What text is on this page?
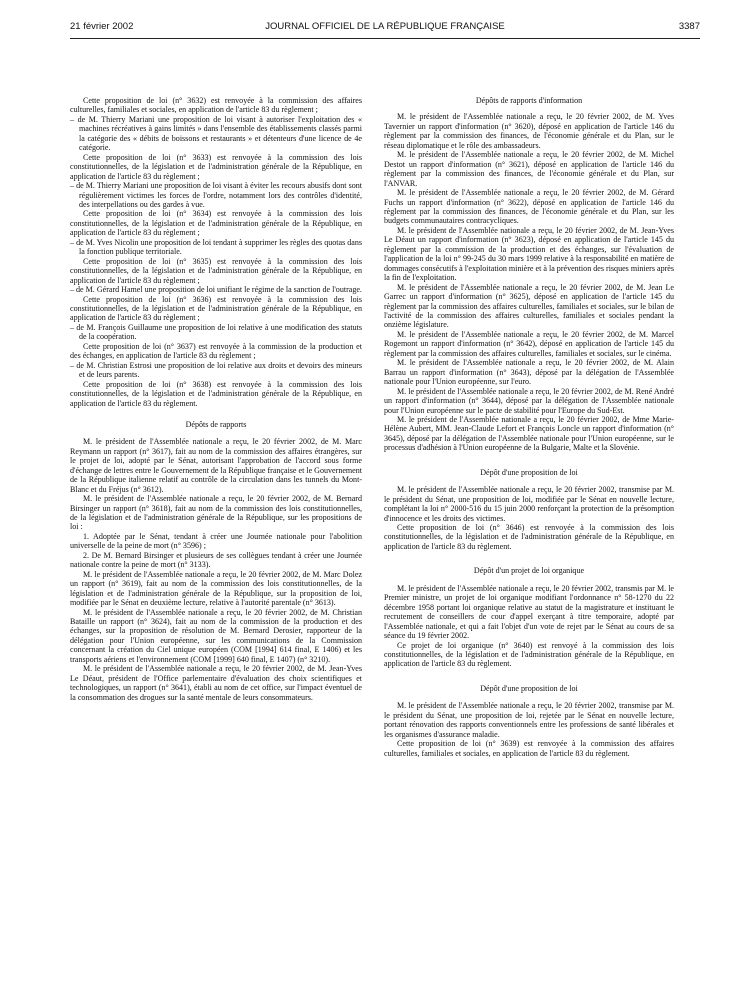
21 février 2002	JOURNAL OFFICIEL DE LA RÉPUBLIQUE FRANÇAISE	3387

Cette proposition de loi (n° 3632) est renvoyée à la commission des affaires culturelles, familiales et sociales, en application de l'article 83 du règlement ;

– de M. Thierry Mariani une proposition de loi visant à autoriser l'exploitation des « machines récréatives à gains limités » dans l'ensemble des établissements classés parmi la catégorie des « débits de boissons et restaurants » et détenteurs d'une licence de 4e catégorie.

Cette proposition de loi (n° 3633) est renvoyée à la commission des lois constitutionnelles, de la législation et de l'administration générale de la République, en application de l'article 83 du règlement ;

– de M. Thierry Mariani une proposition de loi visant à éviter les recours abusifs dont sont régulièrement victimes les forces de l'ordre, notamment lors des contrôles d'identité, des interpellations ou des gardes à vue.

Cette proposition de loi (n° 3634) est renvoyée à la commission des lois constitutionnelles, de la législation et de l'administration générale de la République, en application de l'article 83 du règlement ;

– de M. Yves Nicolin une proposition de loi tendant à supprimer les règles des quotas dans la fonction publique territoriale.

Cette proposition de loi (n° 3635) est renvoyée à la commission des lois constitutionnelles, de la législation et de l'administration générale de la République, en application de l'article 83 du règlement ;

– de M. Gérard Hamel une proposition de loi unifiant le régime de la sanction de l'outrage.

Cette proposition de loi (n° 3636) est renvoyée à la commission des lois constitutionnelles, de la législation et de l'administration générale de la République, en application de l'article 83 du règlement ;

– de M. François Guillaume une proposition de loi relative à une modification des statuts de la coopération.

Cette proposition de loi (n° 3637) est renvoyée à la commission de la production et des échanges, en application de l'article 83 du règlement ;

– de M. Christian Estrosi une proposition de loi relative aux droits et devoirs des mineurs et de leurs parents.

Cette proposition de loi (n° 3638) est renvoyée à la commission des lois constitutionnelles, de la législation et de l'administration générale de la République, en application de l'article 83 du règlement.

Dépôts de rapports

M. le président de l'Assemblée nationale a reçu, le 20 février 2002, de M. Marc Reymann un rapport (n° 3617), fait au nom de la commission des affaires étrangères, sur le projet de loi, adopté par le Sénat, autorisant l'approbation de l'accord sous forme d'échange de lettres entre le Gouvernement de la République française et le Gouvernement de la République italienne relatif au contrôle de la circulation dans les tunnels du Mont-Blanc et du Fréjus (n° 3612).

M. le président de l'Assemblée nationale a reçu, le 20 février 2002, de M. Bernard Birsinger un rapport (n° 3618), fait au nom de la commission des lois constitutionnelles, de la législation et de l'administration générale de la République, sur les propositions de loi :

1. Adoptée par le Sénat, tendant à créer une Journée nationale pour l'abolition universelle de la peine de mort (n° 3596) ;

2. De M. Bernard Birsinger et plusieurs de ses collègues tendant à créer une Journée nationale contre la peine de mort (n° 3133).

M. le président de l'Assemblée nationale a reçu, le 20 février 2002, de M. Marc Dolez un rapport (n° 3619), fait au nom de la commission des lois constitutionnelles, de la législation et de l'administration générale de la République, sur la proposition de loi, modifiée par le Sénat en deuxième lecture, relative à l'autorité parentale (n° 3613).

M. le président de l'Assemblée nationale a reçu, le 20 février 2002, de M. Christian Bataille un rapport (n° 3624), fait au nom de la commission de la production et des échanges, sur la proposition de résolution de M. Bernard Derosier, rapporteur de la délégation pour l'Union européenne, sur les communications de la Commission concernant la création du Ciel unique européen (COM [1994] 614 final, E 1406) et les transports aériens et l'environnement (COM [1999] 640 final, E 1407) (n° 3210).

M. le président de l'Assemblée nationale a reçu, le 20 février 2002, de M. Jean-Yves Le Déaut, président de l'Office parlementaire d'évaluation des choix scientifiques et technologiques, un rapport (n° 3641), établi au nom de cet office, sur l'impact éventuel de la consommation des drogues sur la santé mentale de leurs consommateurs.

Dépôts de rapports d'information

M. le président de l'Assemblée nationale a reçu, le 20 février 2002, de M. Yves Tavernier un rapport d'information (n° 3620), déposé en application de l'article 146 du règlement par la commission des finances, de l'économie générale et du Plan, sur le réseau diplomatique et le rôle des ambassadeurs.

M. le président de l'Assemblée nationale a reçu, le 20 février 2002, de M. Michel Destot un rapport d'information (n° 3621), déposé en application de l'article 146 du règlement par la commission des finances, de l'économie générale et du Plan, sur l'ANVAR.

M. le président de l'Assemblée nationale a reçu, le 20 février 2002, de M. Gérard Fuchs un rapport d'information (n° 3622), déposé en application de l'article 146 du règlement par la commission des finances, de l'économie générale et du Plan, sur les budgets communautaires contracycliques.

M. le président de l'Assemblée nationale a reçu, le 20 février 2002, de M. Jean-Yves Le Déaut un rapport d'information (n° 3623), déposé en application de l'article 145 du règlement par la commission de la production et des échanges, sur l'évaluation de l'application de la loi n° 99-245 du 30 mars 1999 relative à la responsabilité en matière de dommages consécutifs à l'exploitation minière et à la prévention des risques miniers après la fin de l'exploitation.

M. le président de l'Assemblée nationale a reçu, le 20 février 2002, de M. Jean Le Garrec un rapport d'information (n° 3625), déposé en application de l'article 145 du règlement par la commission des affaires culturelles, familiales et sociales, sur le bilan de l'activité de la commission des affaires culturelles, familiales et sociales pendant la onzième législature.

M. le président de l'Assemblée nationale a reçu, le 20 février 2002, de M. Marcel Rogemont un rapport d'information (n° 3642), déposé en application de l'article 145 du règlement par la commission des affaires culturelles, familiales et sociales, sur le cinéma.

M. le président de l'Assemblée nationale a reçu, le 20 février 2002, de M. Alain Barrau un rapport d'information (n° 3643), déposé par la délégation de l'Assemblée nationale pour l'Union européenne, sur l'euro.

M. le président de l'Assemblée nationale a reçu, le 20 février 2002, de M. René André un rapport d'information (n° 3644), déposé par la délégation de l'Assemblée nationale pour l'Union européenne sur le pacte de stabilité pour l'Europe du Sud-Est.

M. le président de l'Assemblée nationale a reçu, le 20 février 2002, de Mme Marie-Hélène Aubert, MM. Jean-Claude Lefort et François Loncle un rapport d'information (n° 3645), déposé par la délégation de l'Assemblée nationale pour l'Union européenne, sur le processus d'adhésion à l'Union européenne de la Bulgarie, Malte et la Slovénie.

Dépôt d'une proposition de loi

M. le président de l'Assemblée nationale a reçu, le 20 février 2002, transmise par M. le président du Sénat, une proposition de loi, modifiée par le Sénat en nouvelle lecture, complétant la loi n° 2000-516 du 15 juin 2000 renforçant la protection de la présomption d'innocence et les droits des victimes.

Cette proposition de loi (n° 3646) est renvoyée à la commission des lois constitutionnelles, de la législation et de l'administration générale de la République, en application de l'article 83 du règlement.

Dépôt d'un projet de loi organique

M. le président de l'Assemblée nationale a reçu, le 20 février 2002, transmis par M. le Premier ministre, un projet de loi organique modifiant l'ordonnance n° 58-1270 du 22 décembre 1958 portant loi organique relative au statut de la magistrature et instituant le recrutement de conseillers de cour d'appel exerçant à titre temporaire, adopté par l'Assemblée nationale, et qui a fait l'objet d'un vote de rejet par le Sénat au cours de sa séance du 19 février 2002.

Ce projet de loi organique (n° 3640) est renvoyé à la commission des lois constitutionnelles, de la législation et de l'administration générale de la République, en application de l'article 83 du règlement.

Dépôt d'une proposition de loi

M. le président de l'Assemblée nationale a reçu, le 20 février 2002, transmise par M. le président du Sénat, une proposition de loi, rejetée par le Sénat en nouvelle lecture, portant rénovation des rapports conventionnels entre les professions de santé libérales et les organismes d'assurance maladie.

Cette proposition de loi (n° 3639) est renvoyée à la commission des affaires culturelles, familiales et sociales, en application de l'article 83 du règlement.
